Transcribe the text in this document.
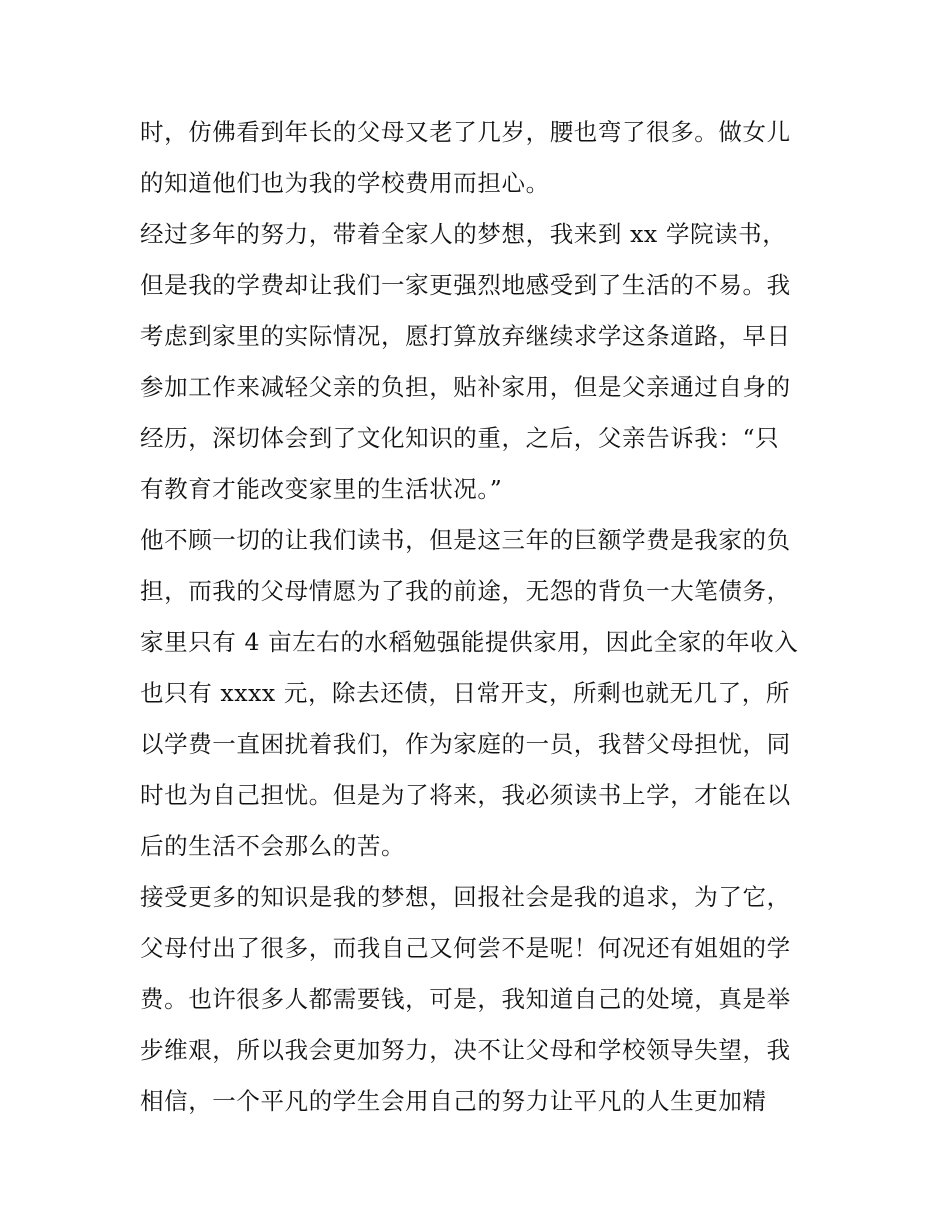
时，仿佛看到年长的父母又老了几岁，腰也弯了很多。做女儿
的知道他们也为我的学校费用而担心。
经过多年的努力，带着全家人的梦想，我来到 xx 学院读书，
但是我的学费却让我们一家更强烈地感受到了生活的不易。我
考虑到家里的实际情况，愿打算放弃继续求学这条道路，早日
参加工作来减轻父亲的负担，贴补家用，但是父亲通过自身的
经历，深切体会到了文化知识的重，之后，父亲告诉我：“只
有教育才能改变家里的生活状况。”
他不顾一切的让我们读书，但是这三年的巨额学费是我家的负
担，而我的父母情愿为了我的前途，无怨的背负一大笔债务，
家里只有 4 亩左右的水稻勉强能提供家用，因此全家的年收入
也只有 xxxx 元，除去还债，日常开支，所剩也就无几了，所
以学费一直困扰着我们，作为家庭的一员，我替父母担忧，同
时也为自己担忧。但是为了将来，我必须读书上学，才能在以
后的生活不会那么的苦。
接受更多的知识是我的梦想，回报社会是我的追求，为了它，
父母付出了很多，而我自己又何尝不是呢！何况还有姐姐的学
费。也许很多人都需要钱，可是，我知道自己的处境，真是举
步维艰，所以我会更加努力，决不让父母和学校领导失望，我
相信，一个平凡的学生会用自己的努力让平凡的人生更加精
